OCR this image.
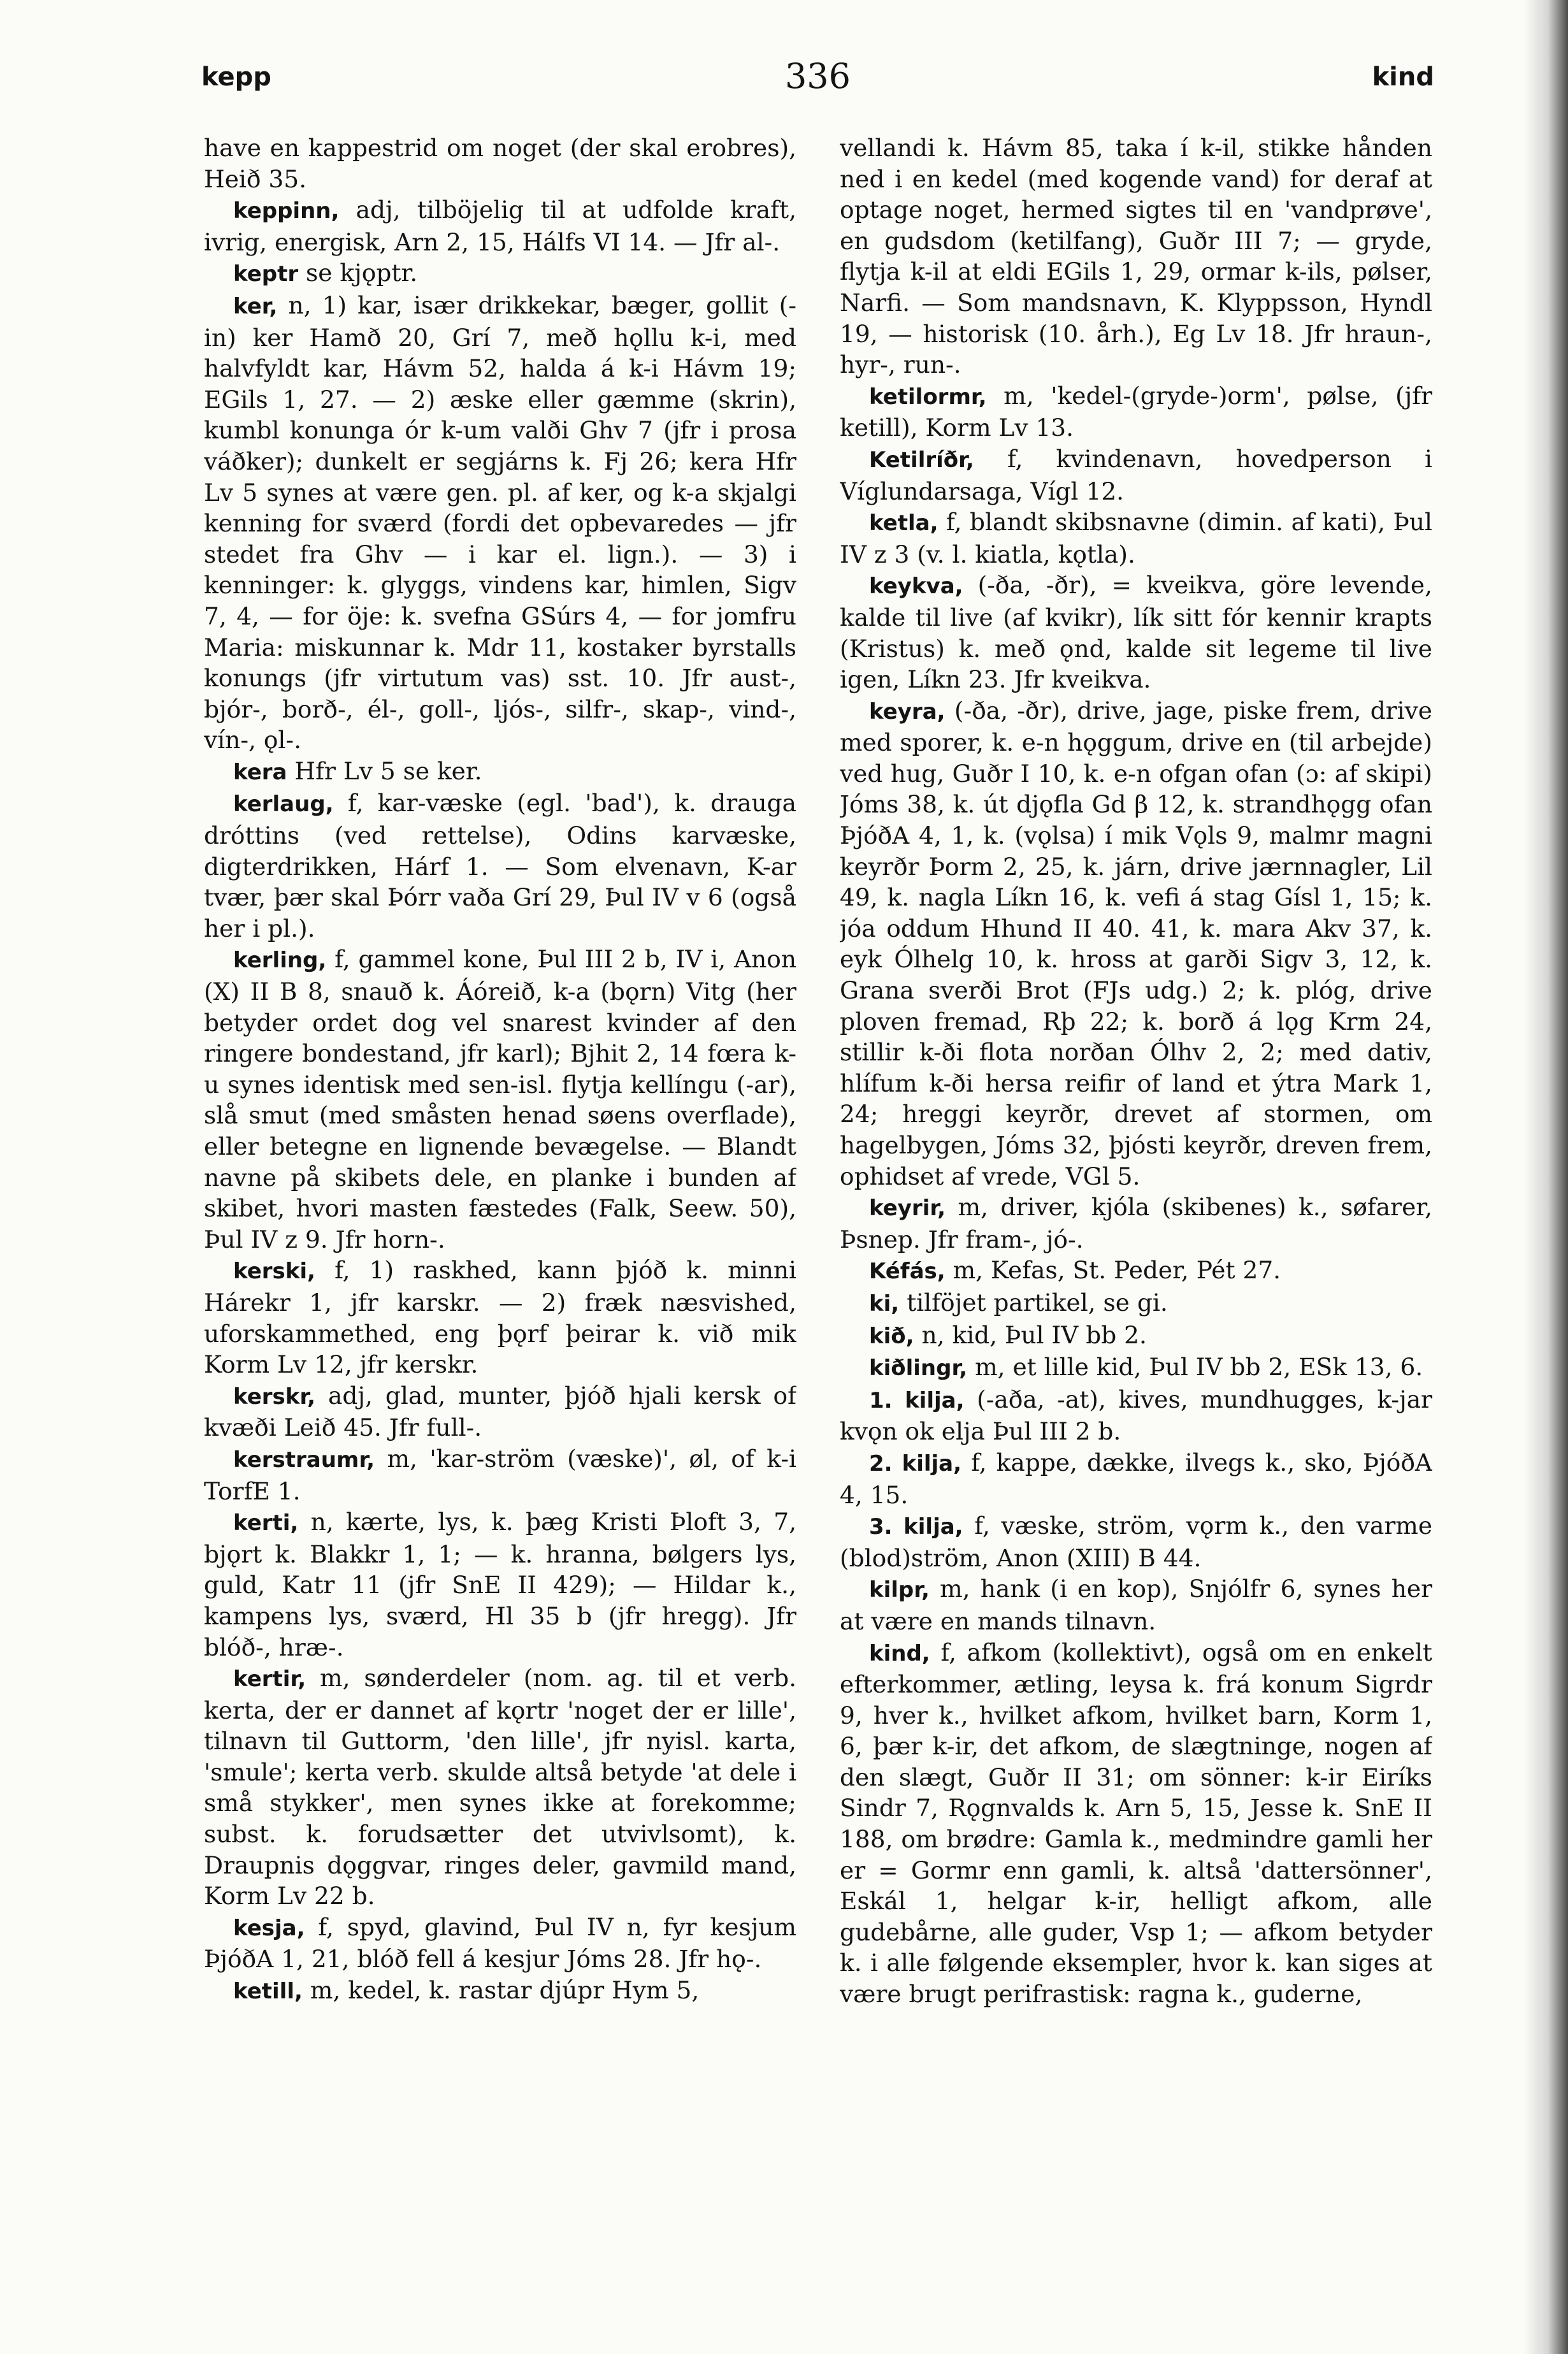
kepp	336	kind

have en kappestrid om noget (der skal erobres), Heið 35.

keppinn, adj, tilböjelig til at udfolde kraft, ivrig, energisk, Arn 2, 15, Hálfs VI 14. — Jfr al-.

keptr se kjǫptr.

ker, n, 1) kar, især drikkekar, bæger, gollit (-in) ker Hamð 20, Grí 7, með hǫllu k-i, med halvfyldt kar, Hávm 52, halda á k-i Hávm 19; EGils 1, 27. — 2) æske eller gæmme (skrin), kumbl konunga ór k-um valði Ghv 7 (jfr i prosa váðker); dunkelt er segjárns k. Fj 26; kera Hfr Lv 5 synes at være gen. pl. af ker, og k-a skjalgi kenning for sværd (fordi det opbevaredes — jfr stedet fra Ghv — i kar el. lign.). — 3) i kenninger: k. glyggs, vindens kar, himlen, Sigv 7, 4, — for öje: k. svefna GSúrs 4, — for jomfru Maria: miskunnar k. Mdr 11, kostaker byrstalls konungs (jfr virtutum vas) sst. 10. Jfr aust-, bjór-, borð-, él-, goll-, ljós-, silfr-, skap-, vind-, vín-, ǫl-.

kera Hfr Lv 5 se ker.

kerlaug, f, kar-væske (egl. 'bad'), k. drauga dróttins (ved rettelse), Odins karvæske, digterdrikken, Hárf 1. — Som elvenavn, K-ar tvær, þær skal Þórr vaða Grí 29, Þul IV v 6 (også her i pl.).

kerling, f, gammel kone, Þul III 2 b, IV i, Anon (X) II B 8, snauð k. Áóreið, k-a (bǫrn) Vitg (her betyder ordet dog vel snarest kvinder af den ringere bondestand, jfr karl); Bjhit 2, 14 fœra k-u synes identisk med sen-isl. flytja kellíngu (-ar), slå smut (med småsten henad søens overflade), eller betegne en lignende bevægelse. — Blandt navne på skibets dele, en planke i bunden af skibet, hvori masten fæstedes (Falk, Seew. 50), Þul IV z 9. Jfr horn-.

kerski, f, 1) raskhed, kann þjóð k. minni Hárekr 1, jfr karskr. — 2) fræk næsvished, uforskammethed, eng þǫrf þeirar k. við mik Korm Lv 12, jfr kerskr.

kerskr, adj, glad, munter, þjóð hjali kersk of kvæði Leið 45. Jfr full-.

kerstraumr, m, 'kar-ström (væske)', øl, of k-i TorfE 1.

kerti, n, kærte, lys, k. þæg Kristi Þloft 3, 7, bjǫrt k. Blakkr 1, 1; — k. hranna, bølgers lys, guld, Katr 11 (jfr SnE II 429); — Hildar k., kampens lys, sværd, Hl 35 b (jfr hregg). Jfr blóð-, hræ-.

kertir, m, sønderdeler (nom. ag. til et verb. kerta, der er dannet af kǫrtr 'noget der er lille', tilnavn til Guttorm, 'den lille', jfr nyisl. karta, 'smule'; kerta verb. skulde altså betyde 'at dele i små stykker', men synes ikke at forekomme; subst. k. forudsætter det utvivlsomt), k. Draupnis dǫggvar, ringes deler, gavmild mand, Korm Lv 22 b.

kesja, f, spyd, glavind, Þul IV n, fyr kesjum ÞjóðA 1, 21, blóð fell á kesjur Jóms 28. Jfr hǫ-.

ketill, m, kedel, k. rastar djúpr Hym 5,

vellandi k. Hávm 85, taka í k-il, stikke hånden ned i en kedel (med kogende vand) for deraf at optage noget, hermed sigtes til en 'vandprøve', en gudsdom (ketilfang), Guðr III 7; — gryde, flytja k-il at eldi EGils 1, 29, ormar k-ils, pølser, Narfi. — Som mandsnavn, K. Klyppsson, Hyndl 19, — historisk (10. årh.), Eg Lv 18. Jfr hraun-, hyr-, run-.

ketilormr, m, 'kedel-(gryde-)orm', pølse, (jfr ketill), Korm Lv 13.

Ketilríðr, f, kvindenavn, hovedperson i Víglundarsaga, Vígl 12.

ketla, f, blandt skibsnavne (dimin. af kati), Þul IV z 3 (v. l. kiatla, kǫtla).

keykva, (-ða, -ðr), = kveikva, göre levende, kalde til live (af kvikr), lík sitt fór kennir krapts (Kristus) k. með ǫnd, kalde sit legeme til live igen, Líkn 23. Jfr kveikva.

keyra, (-ða, -ðr), drive, jage, piske frem, drive med sporer, k. e-n hǫggum, drive en (til arbejde) ved hug, Guðr I 10, k. e-n ofgan ofan (ɔ: af skipi) Jóms 38, k. út djǫfla Gd β 12, k. strandhǫgg ofan ÞjóðA 4, 1, k. (vǫlsa) í mik Vǫls 9, malmr magni keyrðr Þorm 2, 25, k. járn, drive jærnnagler, Lil 49, k. nagla Líkn 16, k. vefi á stag Gísl 1, 15; k. jóa oddum Hhund II 40. 41, k. mara Akv 37, k. eyk Ólhelg 10, k. hross at garði Sigv 3, 12, k. Grana sverði Brot (FJs udg.) 2; k. plóg, drive ploven fremad, Rþ 22; k. borð á lǫg Krm 24, stillir k-ði flota norðan Ólhv 2, 2; med dativ, hlífum k-ði hersa reifir of land et ýtra Mark 1, 24; hreggi keyrðr, drevet af stormen, om hagelbygen, Jóms 32, þjósti keyrðr, dreven frem, ophidset af vrede, VGl 5.

keyrir, m, driver, kjóla (skibenes) k., søfarer, Þsnep. Jfr fram-, jó-.

Kéfás, m, Kefas, St. Peder, Pét 27.

ki, tilföjet partikel, se gi.

kið, n, kid, Þul IV bb 2.

kiðlingr, m, et lille kid, Þul IV bb 2, ESk 13, 6.

1. kilja, (-aða, -at), kives, mundhugges, k-jar kvǫn ok elja Þul III 2 b.

2. kilja, f, kappe, dække, ilvegs k., sko, ÞjóðA 4, 15.

3. kilja, f, væske, ström, vǫrm k., den varme (blod)ström, Anon (XIII) B 44.

kilpr, m, hank (i en kop), Snjólfr 6, synes her at være en mands tilnavn.

kind, f, afkom (kollektivt), også om en enkelt efterkommer, ætling, leysa k. frá konum Sigrdr 9, hver k., hvilket afkom, hvilket barn, Korm 1, 6, þær k-ir, det afkom, de slægtninge, nogen af den slægt, Guðr II 31; om sönner: k-ir Eiríks Sindr 7, Rǫgnvalds k. Arn 5, 15, Jesse k. SnE II 188, om brødre: Gamla k., medmindre gamli her er = Gormr enn gamli, k. altså 'dattersönner', Eskál 1, helgar k-ir, helligt afkom, alle gudebårne, alle guder, Vsp 1; — afkom betyder k. i alle følgende eksempler, hvor k. kan siges at være brugt perifrastisk: ragna k., guderne,
